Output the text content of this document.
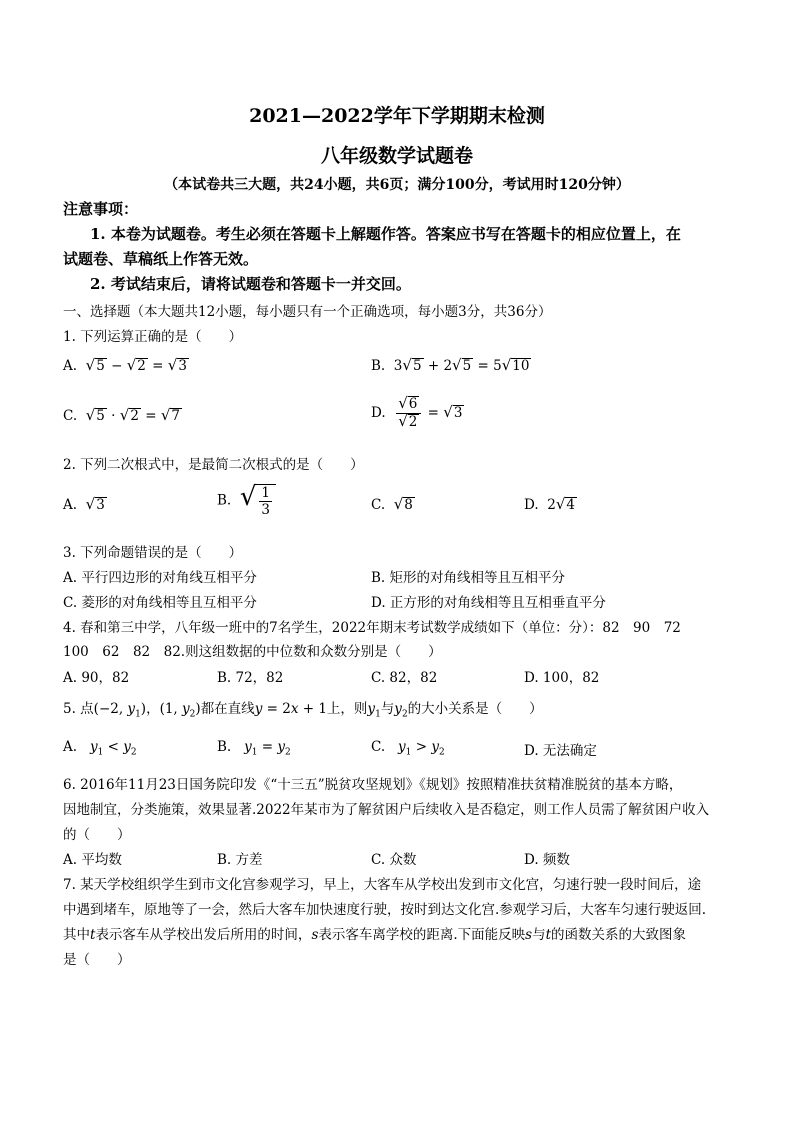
2021—2022学年下学期期末检测
八年级数学试题卷
（本试卷共三大题，共24小题，共6页；满分100分，考试用时120分钟）
注意事项：
1. 本卷为试题卷。考生必须在答题卡上解题作答。答案应书写在答题卡的相应位置上，在
试题卷、草稿纸上作答无效。
2. 考试结束后，请将试题卷和答题卡一并交回。
一、选择题（本大题共12小题，每小题只有一个正确选项，每小题3分，共36分）
1. 下列运算正确的是（　　）
A. √ 5 − √ 2 = √ 3	B.  3 √ 5 + 2 √ 5 = 5 √ 10
C. √ 5 · √ 2 = √ 7	D. $\frac{√ 6}{√ 2}$ = √ 3
2. 下列二次根式中，是最简二次根式的是（　　）
A. √ 3	B. √ $\frac{1}{3}$	C. √ 8	D.  2 √ 4
3. 下列命题错误的是（　　）
A. 平行四边形的对角线互相平分	B. 矩形的对角线相等且互相平分
C. 菱形的对角线相等且互相平分	D. 正方形的对角线相等且互相垂直平分
4. 春和第三中学，八年级一班中的7名学生，2022年期末考试数学成绩如下（单位：分）：82　90　72
100　62　82　82.则这组数据的中位数和众数分别是（　　）
A. 90，82	B. 72，82	C. 82，82	D. 100，82
5. 点(−2, $y_1$)，(1, $y_2$)都在直线y = 2x + 1上，则$y_1$与$y_2$的大小关系是（　　）
A. $y_1 < y_2$	B. $y_1 = y_2$	C. $y_1 > y_2$	D. 无法确定
6. 2016年11月23日国务院印发《“十三五”脱贫攻坚规划》《规划》按照精准扶贫精准脱贫的基本方略，
因地制宜，分类施策，效果显著.2022年某市为了解贫困户后续收入是否稳定，则工作人员需了解贫困户收入
的（　　）
A. 平均数	B. 方差	C. 众数	D. 频数
7. 某天学校组织学生到市文化宫参观学习，早上，大客车从学校出发到市文化宫，匀速行驶一段时间后，途
中遇到堵车，原地等了一会，然后大客车加快速度行驶，按时到达文化宫.参观学习后，大客车匀速行驶返回.
其中t表示客车从学校出发后所用的时间，s表示客车离学校的距离.下面能反映s与t的函数关系的大致图象
是（　　）
